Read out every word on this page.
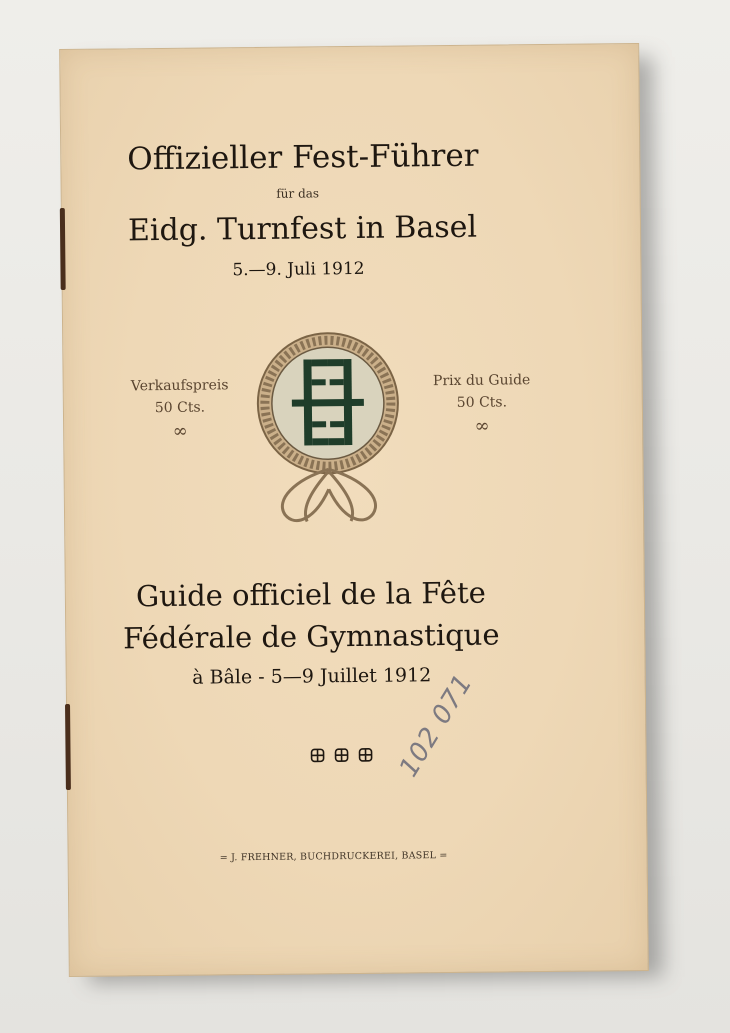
Offizieller Fest-Führer
für das
Eidg. Turnfest in Basel
5.—9. Juli 1912
Verkaufspreis
50 Cts.
∞
Prix du Guide
50 Cts.
∞
Guide officiel de la Fête
Fédérale de Gymnastique
à Bâle - 5—9 Juillet 1912
102 071
= J. FREHNER, BUCHDRUCKEREI, BASEL =
